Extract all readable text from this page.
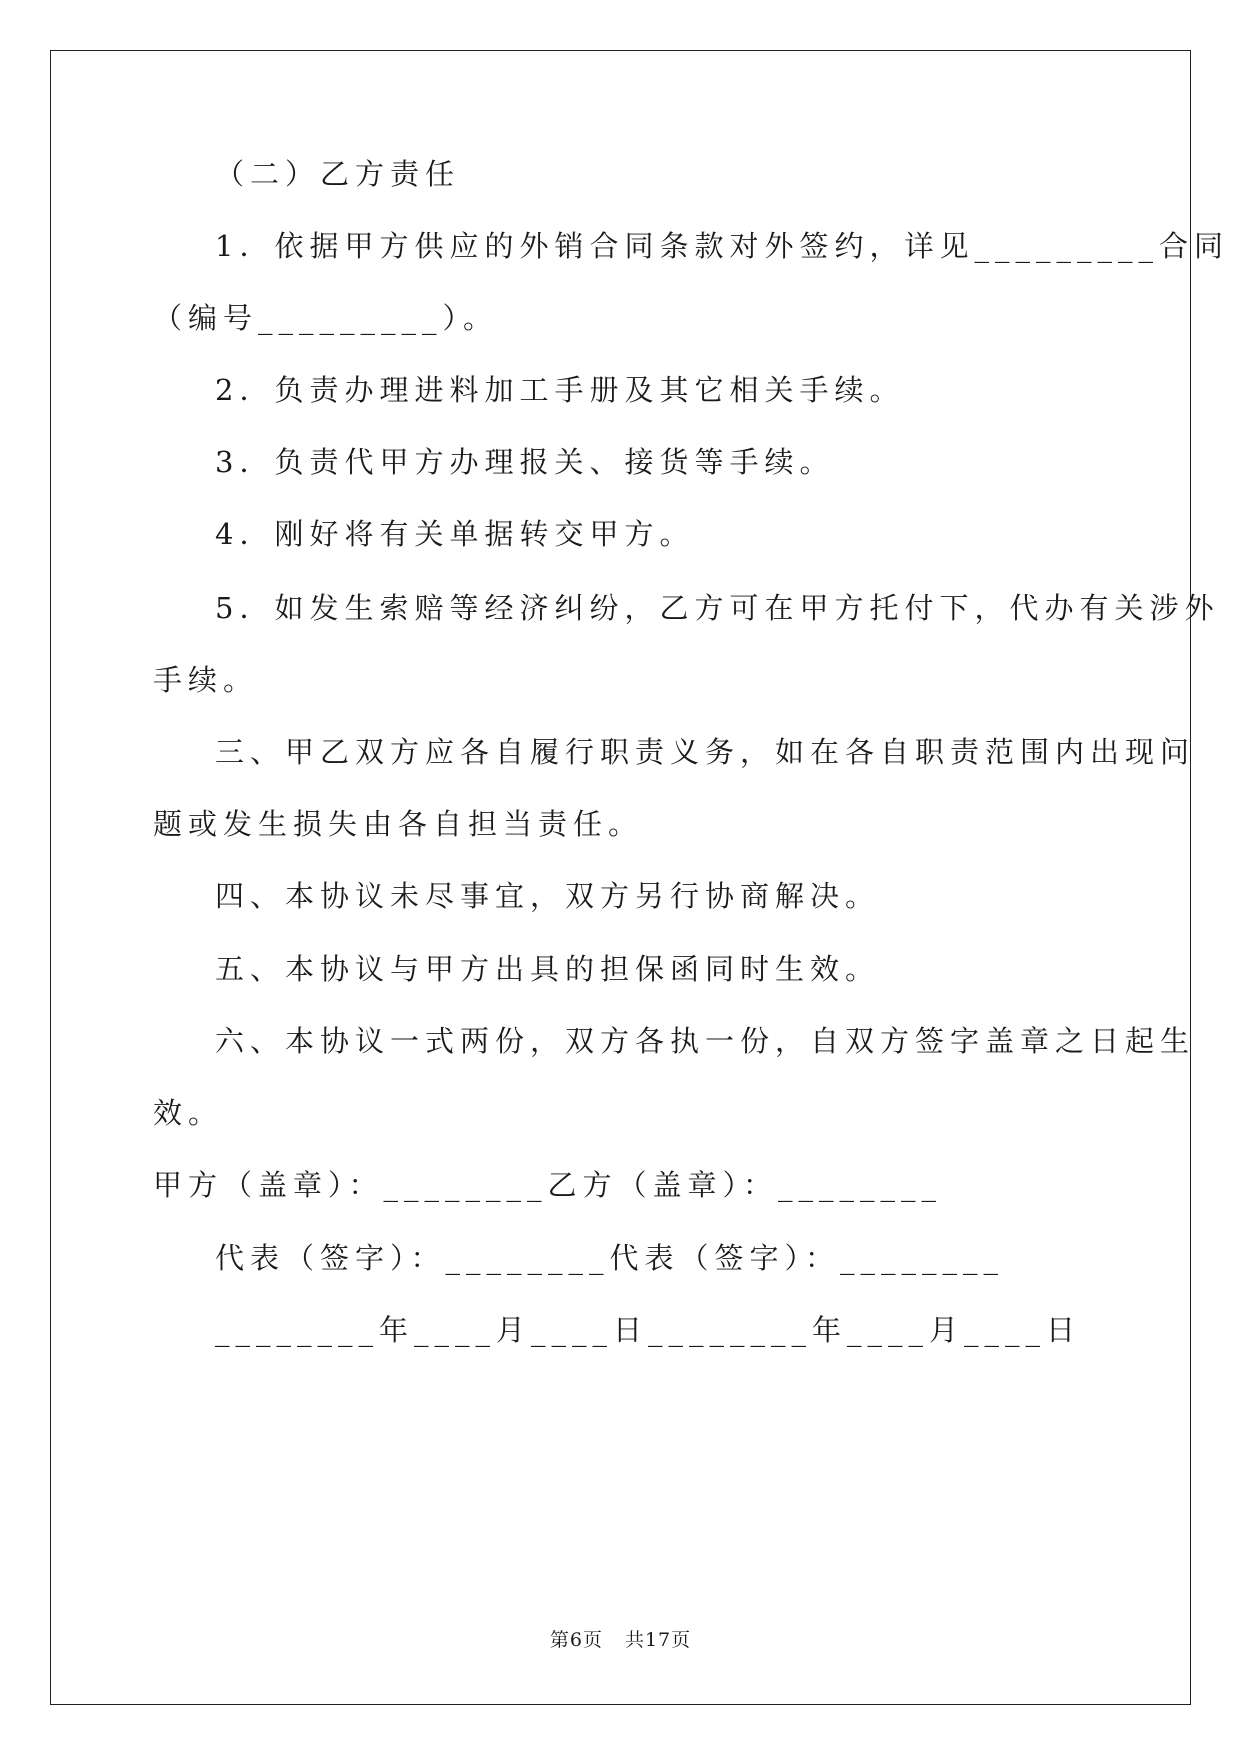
（二）乙方责任
1．依据甲方供应的外销合同条款对外签约，详见_________合同
（编号_________）。
2．负责办理进料加工手册及其它相关手续。
3．负责代甲方办理报关、接货等手续。
4．刚好将有关单据转交甲方。
5．如发生索赔等经济纠纷，乙方可在甲方托付下，代办有关涉外
手续。
三、甲乙双方应各自履行职责义务，如在各自职责范围内出现问
题或发生损失由各自担当责任。
四、本协议未尽事宜，双方另行协商解决。
五、本协议与甲方出具的担保函同时生效。
六、本协议一式两份，双方各执一份，自双方签字盖章之日起生
效。
甲方（盖章）：________乙方（盖章）：________
代表（签字）：________代表（签字）：________
________年____月____日________年____月____日
第6页 共17页
